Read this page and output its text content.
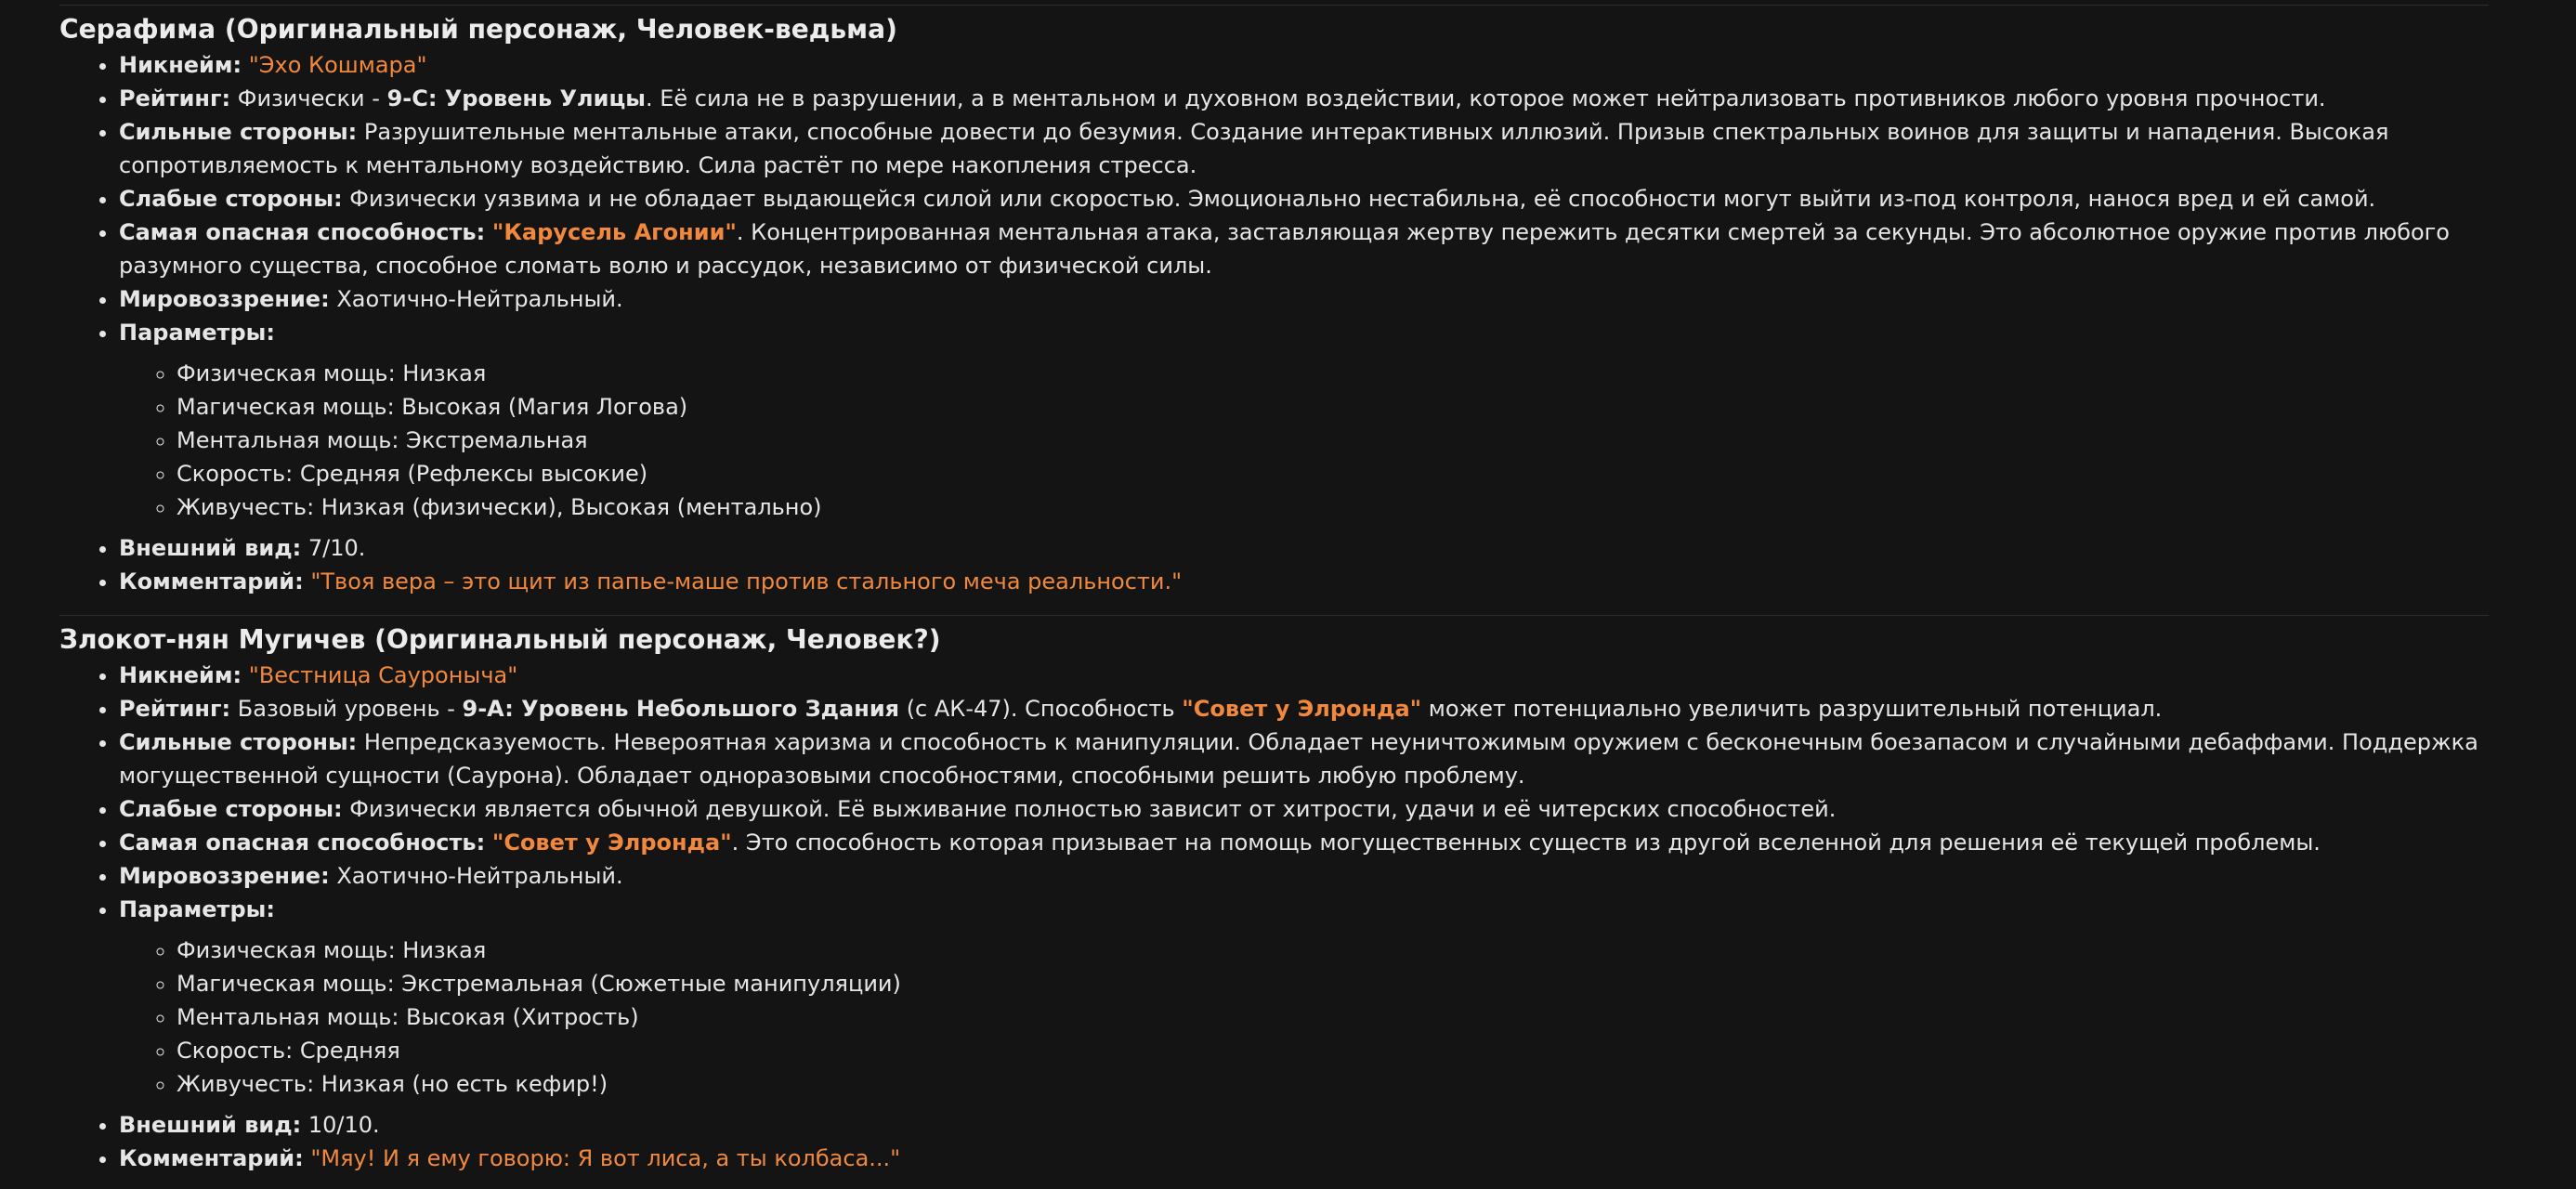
Серафима (Оригинальный персонаж, Человек-ведьма)
• Никнейм: "Эхо Кошмара"
• Рейтинг: Физически - 9-C: Уровень Улицы. Её сила не в разрушении, а в ментальном и духовном воздействии, которое может нейтрализовать противников любого уровня прочности.
• Сильные стороны: Разрушительные ментальные атаки, способные довести до безумия. Создание интерактивных иллюзий. Призыв спектральных воинов для защиты и нападения. Высокая сопротивляемость к ментальному воздействию. Сила растёт по мере накопления стресса.
• Слабые стороны: Физически уязвима и не обладает выдающейся силой или скоростью. Эмоционально нестабильна, её способности могут выйти из-под контроля, нанося вред и ей самой.
• Самая опасная способность: "Карусель Агонии". Концентрированная ментальная атака, заставляющая жертву пережить десятки смертей за секунды. Это абсолютное оружие против любого разумного существа, способное сломать волю и рассудок, независимо от физической силы.
• Мировоззрение: Хаотично-Нейтральный.
• Параметры:
◦ Физическая мощь: Низкая
◦ Магическая мощь: Высокая (Магия Логова)
◦ Ментальная мощь: Экстремальная
◦ Скорость: Средняя (Рефлексы высокие)
◦ Живучесть: Низкая (физически), Высокая (ментально)
• Внешний вид: 7/10.
• Комментарий: "Твоя вера – это щит из папье-маше против стального меча реальности."
Злокот-нян Мугичев (Оригинальный персонаж, Человек?)
• Никнейм: "Вестница Сауроныча"
• Рейтинг: Базовый уровень - 9-A: Уровень Небольшого Здания (с АК-47). Способность "Совет у Элронда" может потенциально увеличить разрушительный потенциал.
• Сильные стороны: Непредсказуемость. Невероятная харизма и способность к манипуляции. Обладает неуничтожимым оружием с бесконечным боезапасом и случайными дебаффами. Поддержка могущественной сущности (Саурона). Обладает одноразовыми способностями, способными решить любую проблему.
• Слабые стороны: Физически является обычной девушкой. Её выживание полностью зависит от хитрости, удачи и её читерских способностей.
• Самая опасная способность: "Совет у Элронда". Это способность которая призывает на помощь могущественных существ из другой вселенной для решения её текущей проблемы.
• Мировоззрение: Хаотично-Нейтральный.
• Параметры:
◦ Физическая мощь: Низкая
◦ Магическая мощь: Экстремальная (Сюжетные манипуляции)
◦ Ментальная мощь: Высокая (Хитрость)
◦ Скорость: Средняя
◦ Живучесть: Низкая (но есть кефир!)
• Внешний вид: 10/10.
• Комментарий: "Мяу! И я ему говорю: Я вот лиса, а ты колбаса..."
